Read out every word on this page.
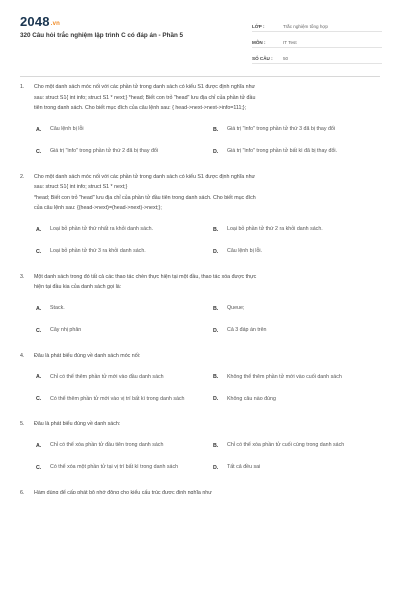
2048.vn
320 Câu hỏi trắc nghiệm lập trình C có đáp án - Phần 5
LỚP :	Trắc nghiệm tổng hợp
MÔN :	IT Test
SỐ CÂU :	50
1.	Cho một danh sách móc nối với các phần tử trong danh sách có kiểu S1 được định nghĩa như
sau: struct S1{ int info; struct S1 * next;} *head; Biết con trỏ "head" lưu địa chỉ của phần tử đầu
tiên trong danh sách. Cho biết mục đích của câu lệnh sau: { head->next->next->info=111;};
A.	Câu lệnh bị lỗi	B.	Giá trị "info" trong phần tử thứ 3 đã bị thay đổi
C.	Giá trị "info" trong phần tử thứ 2 đã bị thay đổi	D.	Giá trị "info" trong phần tử bất kì đã bị thay đổi.
2.	Cho một danh sách móc nối với các phần tử trong danh sách có kiểu S1 được định nghĩa như
sau: struct S1{ int info; struct S1 * next;}
*head; Biết con trỏ "head" lưu địa chỉ của phần tử đầu tiên trong danh sách. Cho biết mục đích
của câu lệnh sau: {(head->next)=(head->next)->next;};
A.	Loại bỏ phần tử thứ nhất ra khỏi danh sách.	B.	Loại bỏ phần tử thứ 2 ra khỏi danh sách.
C.	Loại bỏ phần tử thứ 3 ra khỏi danh sách.	D.	Câu lệnh bị lỗi.
3.	Một danh sách trong đó tất cả các thao tác chèn thực hiện tại một đầu, thao tác xóa được thực
hiện tại đầu kia của danh sách gọi là:
A.	Stack.	B.	Queue;
C.	Cây nhị phân	D.	Cả 3 đáp án trên
4.	Đâu là phát biểu đúng về danh sách móc nối:
A.	Chỉ có thể thêm phần tử mới vào đầu danh sách	B.	Không thể thêm phần tử mới vào cuối danh sách
C.	Có thể thêm phần tử mới vào vị trí bất kì trong danh sách	D.	Không câu nào đúng
5.	Đâu là phát biểu đúng về danh sách:
A.	Chỉ có thể xóa phần tử đầu tiên trong danh sách	B.	Chỉ có thể xóa phần tử cuối cùng trong danh sách
C.	Có thể xóa một phần tử tại vị trí bất kì trong danh sách	D.	Tất cả đều sai
6.	Hàm dùng để cấp phát bộ nhớ động cho kiểu cấu trúc được định nghĩa như
